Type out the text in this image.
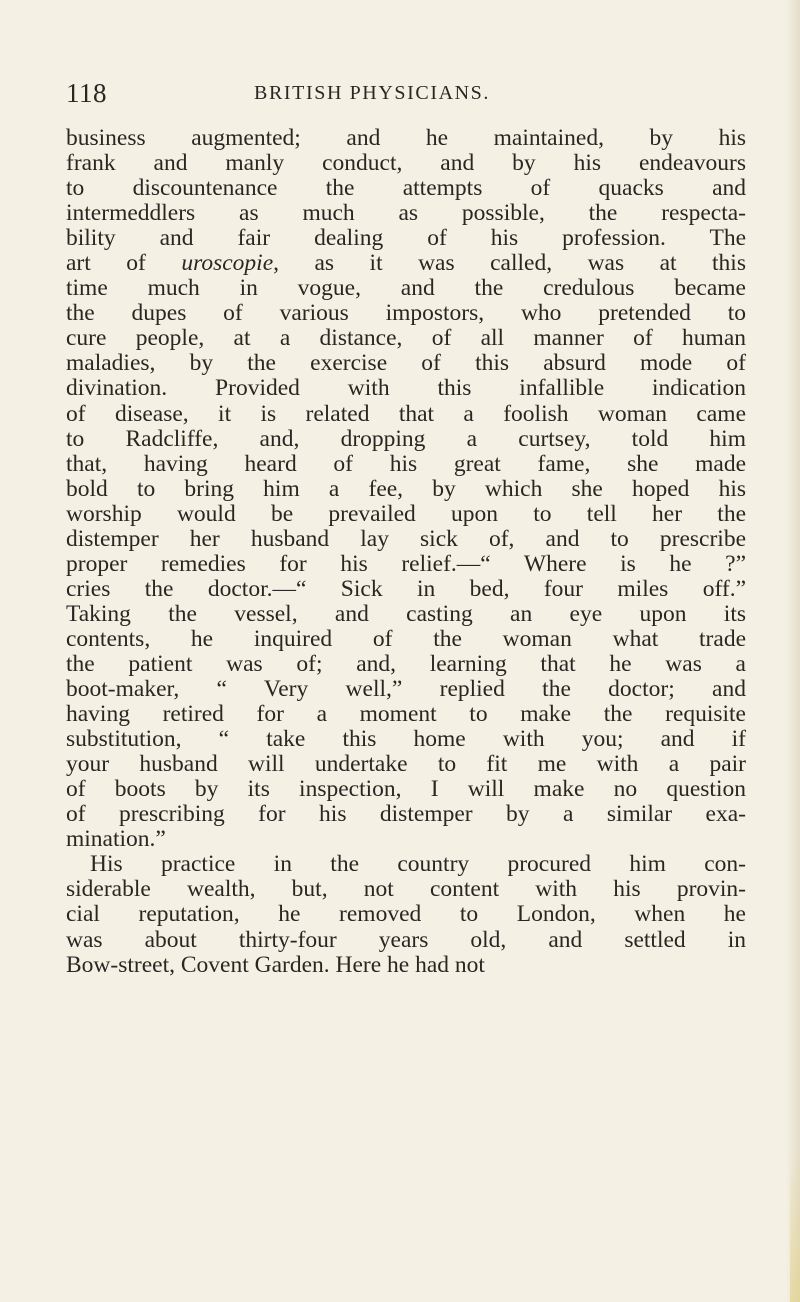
118	BRITISH PHYSICIANS.
business augmented; and he maintained, by his
frank and manly conduct, and by his endeavours
to discountenance the attempts of quacks and
intermeddlers as much as possible, the respecta-
bility and fair dealing of his profession. The
art of uroscopie, as it was called, was at this
time much in vogue, and the credulous became
the dupes of various impostors, who pretended to
cure people, at a distance, of all manner of human
maladies, by the exercise of this absurd mode of
divination. Provided with this infallible indication
of disease, it is related that a foolish woman came
to Radcliffe, and, dropping a curtsey, told him
that, having heard of his great fame, she made
bold to bring him a fee, by which she hoped his
worship would be prevailed upon to tell her the
distemper her husband lay sick of, and to prescribe
proper remedies for his relief.—“ Where is he ?”
cries the doctor.—“ Sick in bed, four miles off.”
Taking the vessel, and casting an eye upon its
contents, he inquired of the woman what trade
the patient was of; and, learning that he was a
boot-maker, “ Very well,” replied the doctor; and
having retired for a moment to make the requisite
substitution, “ take this home with you; and if
your husband will undertake to fit me with a pair
of boots by its inspection, I will make no question
of prescribing for his distemper by a similar exa-
mination.”
His practice in the country procured him con-
siderable wealth, but, not content with his provin-
cial reputation, he removed to London, when he
was about thirty-four years old, and settled in
Bow-street, Covent Garden. Here he had not
